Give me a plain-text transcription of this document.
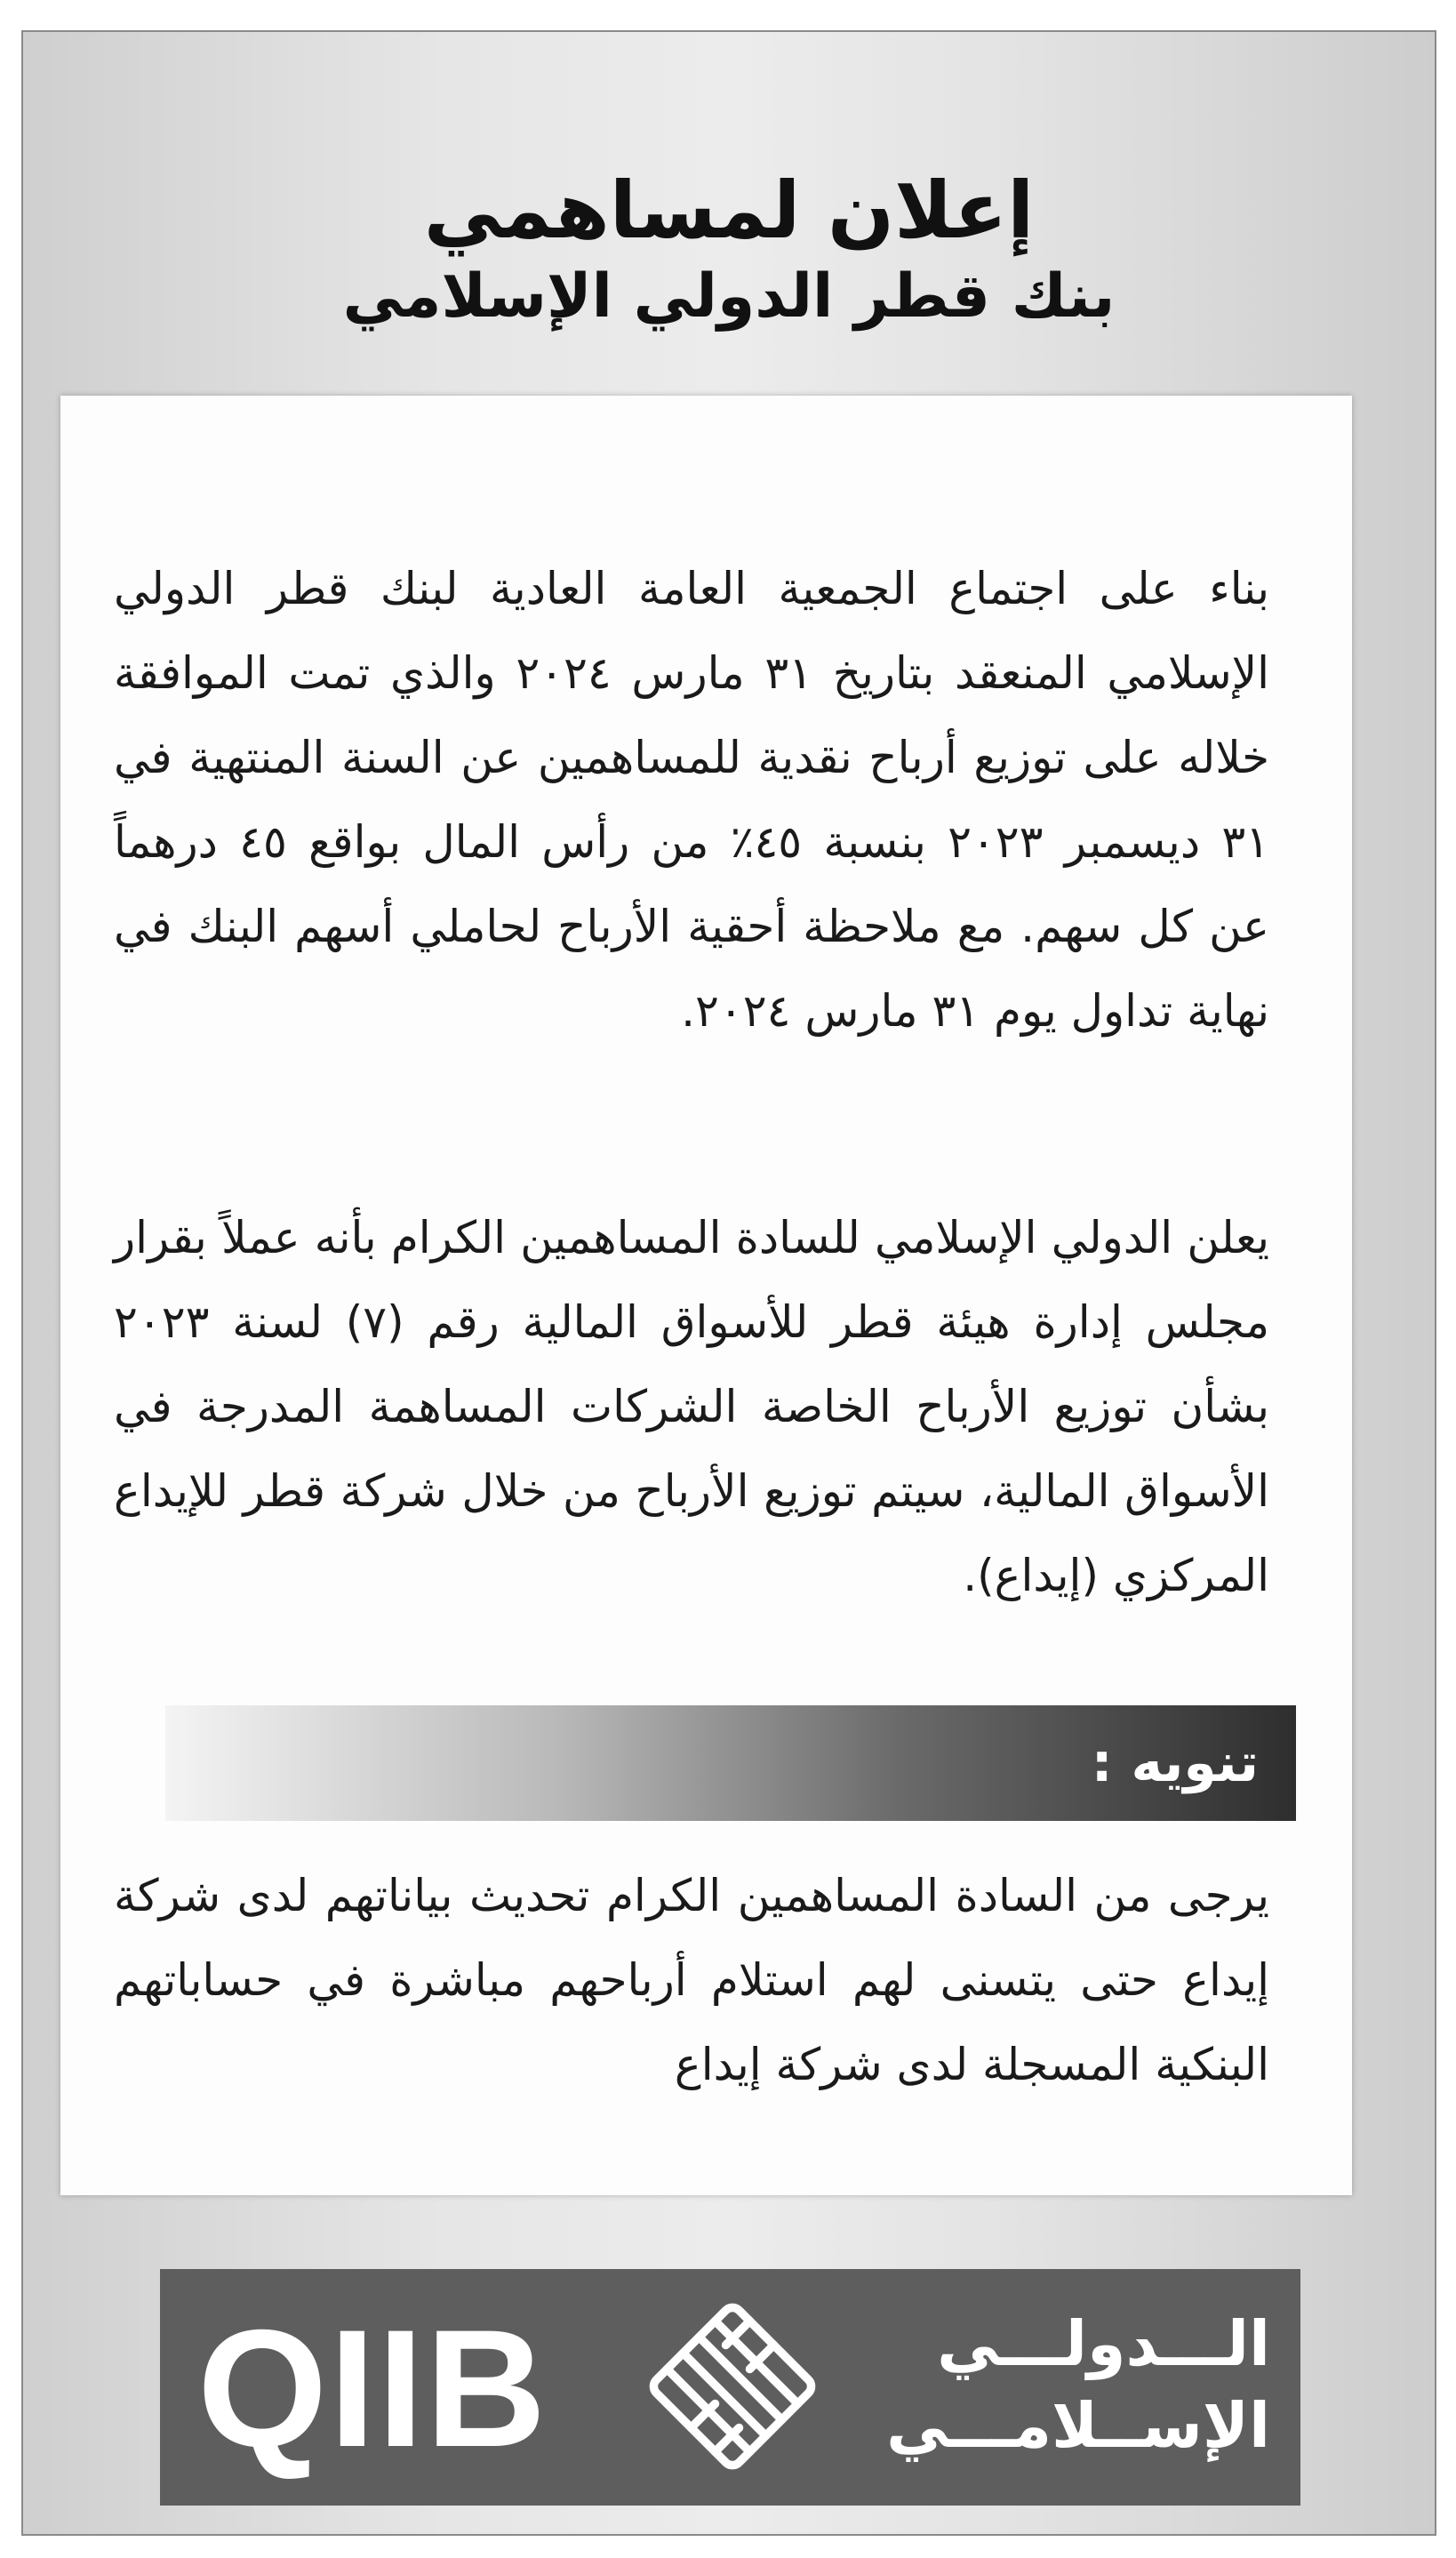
إعلان لمساهمي
بنك قطر الدولي الإسلامي

بناء على اجتماع الجمعية العامة العادية لبنك قطر الدولي الإسلامي المنعقد بتاريخ ٣١ مارس ٢٠٢٤ والذي تمت الموافقة خلاله على توزيع أرباح نقدية للمساهمين عن السنة المنتهية في ٣١ ديسمبر ٢٠٢٣ بنسبة ٤٥٪ من رأس المال بواقع ٤٥ درهماً عن كل سهم. مع ملاحظة أحقية الأرباح لحاملي أسهم البنك في نهاية تداول يوم ٣١ مارس ٢٠٢٤.

يعلن الدولي الإسلامي للسادة المساهمين الكرام بأنه عملاً بقرار مجلس إدارة هيئة قطر للأسواق المالية رقم (٧) لسنة ٢٠٢٣ بشأن توزيع الأرباح الخاصة الشركات المساهمة المدرجة في الأسواق المالية، سيتم توزيع الأرباح من خلال شركة قطر للإيداع المركزي (إيداع).

تنويه :

يرجى من السادة المساهمين الكرام تحديث بياناتهم لدى شركة إيداع حتى يتسنى لهم استلام أرباحهم مباشرة في حساباتهم البنكية المسجلة لدى شركة إيداع

QIIB	الـــدولـــي
الإســلامـــي
